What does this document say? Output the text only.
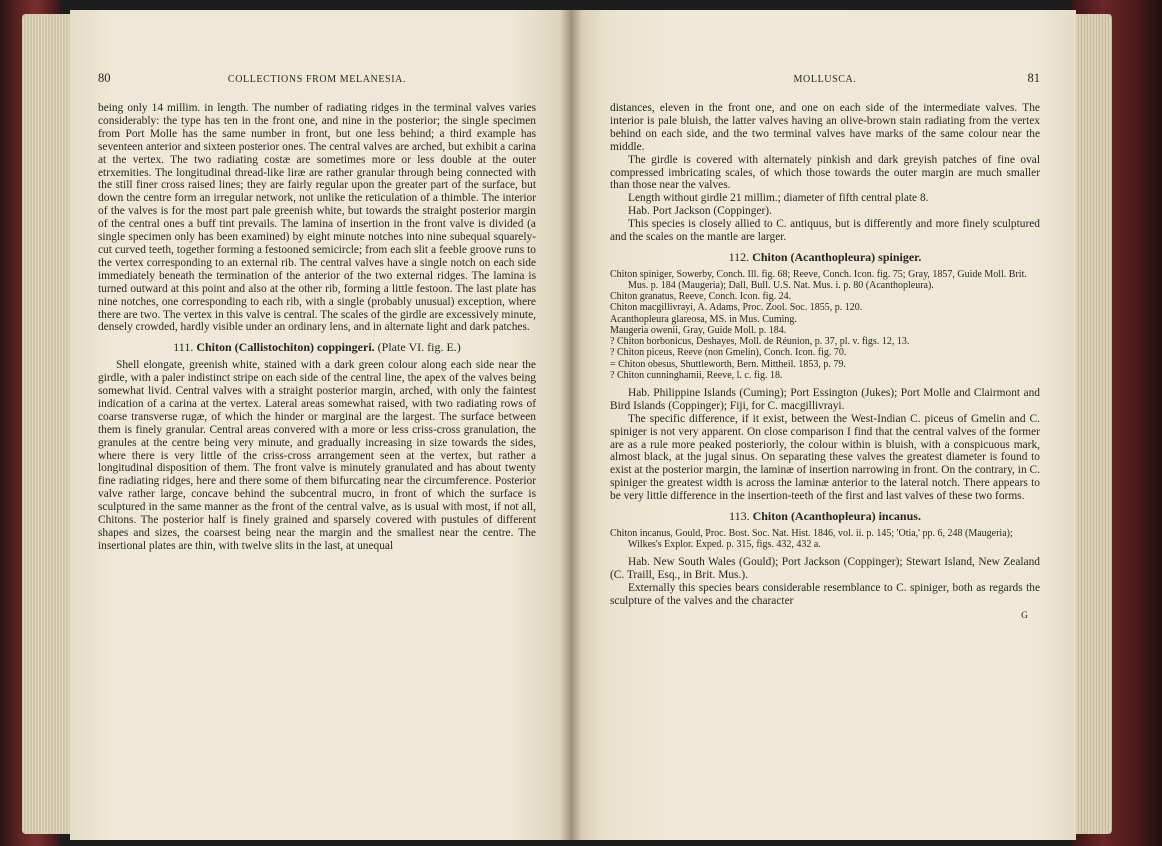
80	COLLECTIONS FROM MELANESIA.

being only 14 millim. in length. The number of radiating ridges in the terminal valves varies considerably: the type has ten in the front one, and nine in the posterior; the single specimen from Port Molle has the same number in front, but one less behind; a third example has seventeen anterior and sixteen posterior ones. The central valves are arched, but exhibit a carina at the vertex. The two radiating costæ are sometimes more or less double at the outer etrxemities. The longitudinal thread-like liræ are rather granular through being connected with the still finer cross raised lines; they are fairly regular upon the greater part of the surface, but down the centre form an irregular network, not unlike the reticulation of a thimble. The interior of the valves is for the most part pale greenish white, but towards the straight posterior margin of the central ones a buff tint prevails. The lamina of insertion in the front valve is divided (a single specimen only has been examined) by eight minute notches into nine subequal squarely-cut curved teeth, together forming a festooned semicircle; from each slit a feeble groove runs to the vertex corresponding to an external rib. The central valves have a single notch on each side immediately beneath the termination of the anterior of the two external ridges. The lamina is turned outward at this point and also at the other rib, forming a little festoon. The last plate has nine notches, one corresponding to each rib, with a single (probably unusual) exception, where there are two. The vertex in this valve is central. The scales of the girdle are excessively minute, densely crowded, hardly visible under an ordinary lens, and in alternate light and dark patches.

111. Chiton (Callistochiton) coppingeri. (Plate VI. fig. E.)

Shell elongate, greenish white, stained with a dark green colour along each side near the girdle, with a paler indistinct stripe on each side of the central line, the apex of the valves being somewhat livid. Central valves with a straight posterior margin, arched, with only the faintest indication of a carina at the vertex. Lateral areas somewhat raised, with two radiating rows of coarse transverse rugæ, of which the hinder or marginal are the largest. The surface between them is finely granular. Central areas convered with a more or less criss-cross granulation, the granules at the centre being very minute, and gradually increasing in size towards the sides, where there is very little of the criss-cross arrangement seen at the vertex, but rather a longitudinal disposition of them. The front valve is minutely granulated and has about twenty fine radiating ridges, here and there some of them bifurcating near the circumference. Posterior valve rather large, concave behind the subcentral mucro, in front of which the surface is sculptured in the same manner as the front of the central valve, as is usual with most, if not all, Chitons. The posterior half is finely grained and sparsely covered with pustules of different shapes and sizes, the coarsest being near the margin and the smallest near the centre. The insertional plates are thin, with twelve slits in the last, at unequal

MOLLUSCA.	81

distances, eleven in the front one, and one on each side of the intermediate valves. The interior is pale bluish, the latter valves having an olive-brown stain radiating from the vertex behind on each side, and the two terminal valves have marks of the same colour near the middle.

The girdle is covered with alternately pinkish and dark greyish patches of fine oval compressed imbricating scales, of which those towards the outer margin are much smaller than those near the valves.

Length without girdle 21 millim.; diameter of fifth central plate 8.

Hab. Port Jackson (Coppinger).

This species is closely allied to C. antiquus, but is differently and more finely sculptured and the scales on the mantle are larger.

112. Chiton (Acanthopleura) spiniger.

Chiton spiniger, Sowerby, Conch. Ill. fig. 68; Reeve, Conch. Icon. fig. 75; Gray, 1857, Guide Moll. Brit. Mus. p. 184 (Maugeria); Dall, Bull. U.S. Nat. Mus. i. p. 80 (Acanthopleura).

Chiton granatus, Reeve, Conch. Icon. fig. 24.

Chiton macgillivrayi, A. Adams, Proc. Zool. Soc. 1855, p. 120.

Acanthopleura glareosa, MS. in Mus. Cuming.

Maugeria owenii, Gray, Guide Moll. p. 184.

? Chiton borbonicus, Deshayes, Moll. de Réunion, p. 37, pl. v. figs. 12, 13.

? Chiton piceus, Reeve (non Gmelin), Conch. Icon. fig. 70.

= Chiton obesus, Shuttleworth, Bern. Mittheil. 1853, p. 79.

? Chiton cunninghamii, Reeve, l. c. fig. 18.

Hab. Philippine Islands (Cuming); Port Essington (Jukes); Port Molle and Clairmont and Bird Islands (Coppinger); Fiji, for C. macgillivrayi.

The specific difference, if it exist, between the West-Indian C. piceus of Gmelin and C. spiniger is not very apparent. On close comparison I find that the central valves of the former are as a rule more peaked posteriorly, the colour within is bluish, with a conspicuous mark, almost black, at the jugal sinus. On separating these valves the greatest diameter is found to exist at the posterior margin, the laminæ of insertion narrowing in front. On the contrary, in C. spiniger the greatest width is across the laminæ anterior to the lateral notch. There appears to be very little difference in the insertion-teeth of the first and last valves of these two forms.

113. Chiton (Acanthopleura) incanus.

Chiton incanus, Gould, Proc. Bost. Soc. Nat. Hist. 1846, vol. ii. p. 145; 'Otia,' pp. 6, 248 (Maugeria); Wilkes's Explor. Exped. p. 315, figs. 432, 432 a.

Hab. New South Wales (Gould); Port Jackson (Coppinger); Stewart Island, New Zealand (C. Traill, Esq., in Brit. Mus.).

Externally this species bears considerable resemblance to C. spiniger, both as regards the sculpture of the valves and the character

G
